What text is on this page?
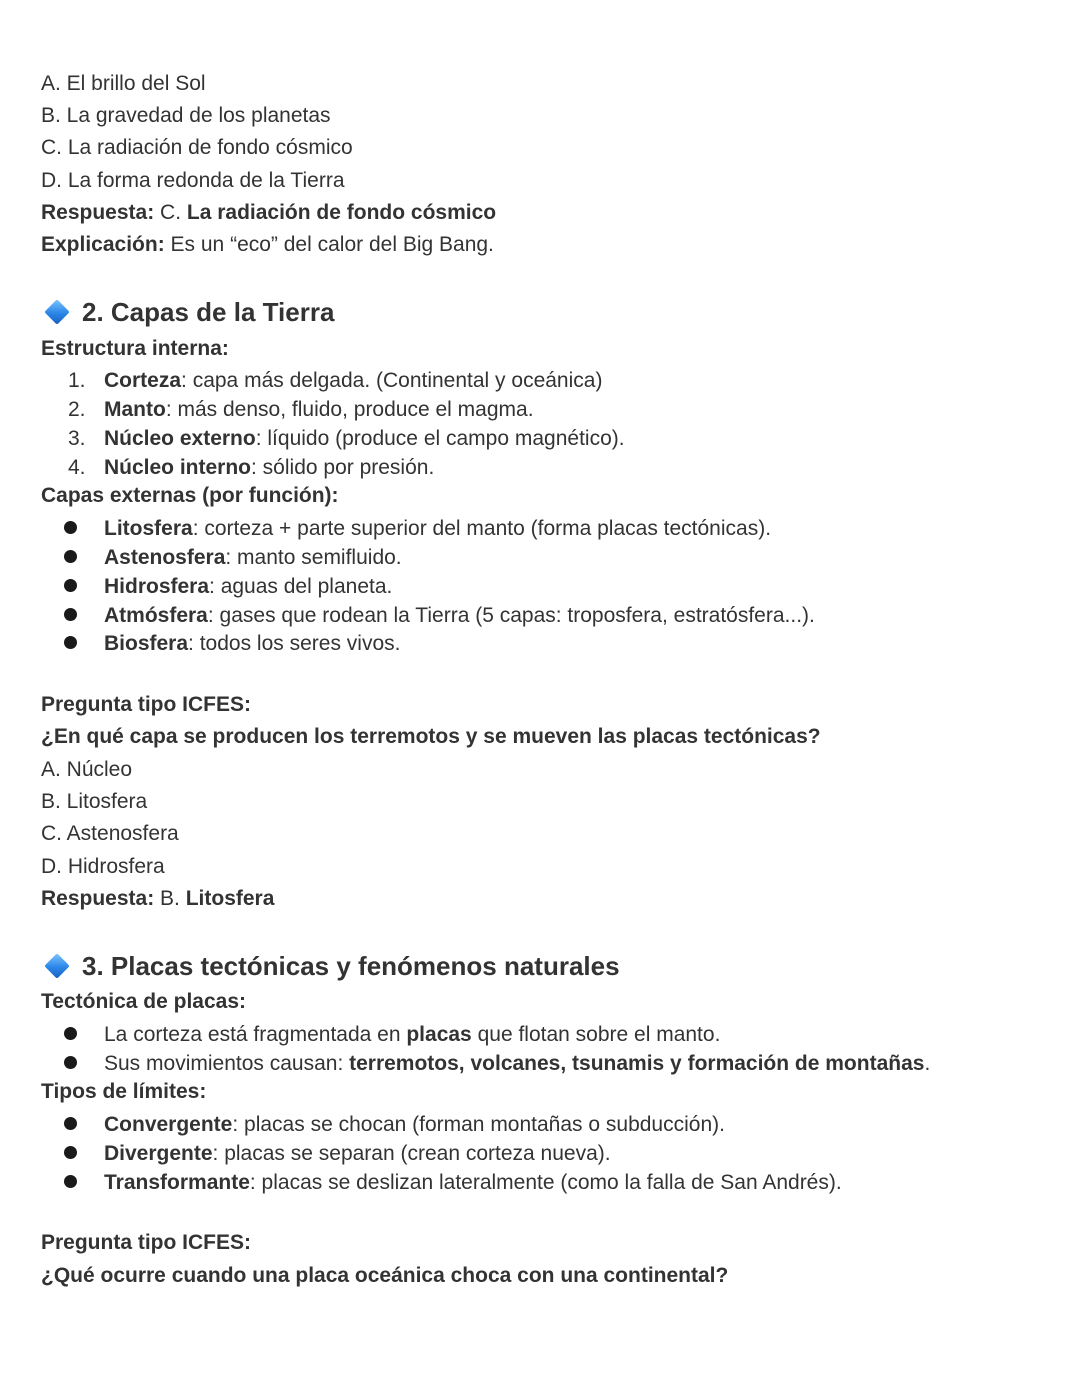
A. El brillo del Sol
B. La gravedad de los planetas
C. La radiación de fondo cósmico
D. La forma redonda de la Tierra
Respuesta: C. La radiación de fondo cósmico
Explicación: Es un “eco” del calor del Big Bang.
2. Capas de la Tierra
Estructura interna:
1. Corteza: capa más delgada. (Continental y oceánica)
2. Manto: más denso, fluido, produce el magma.
3. Núcleo externo: líquido (produce el campo magnético).
4. Núcleo interno: sólido por presión.
Capas externas (por función):
Litosfera: corteza + parte superior del manto (forma placas tectónicas).
Astenosfera: manto semifluido.
Hidrosfera: aguas del planeta.
Atmósfera: gases que rodean la Tierra (5 capas: troposfera, estratósfera...).
Biosfera: todos los seres vivos.
Pregunta tipo ICFES:
¿En qué capa se producen los terremotos y se mueven las placas tectónicas?
A. Núcleo
B. Litosfera
C. Astenosfera
D. Hidrosfera
Respuesta: B. Litosfera
3. Placas tectónicas y fenómenos naturales
Tectónica de placas:
La corteza está fragmentada en placas que flotan sobre el manto.
Sus movimientos causan: terremotos, volcanes, tsunamis y formación de montañas.
Tipos de límites:
Convergente: placas se chocan (forman montañas o subducción).
Divergente: placas se separan (crean corteza nueva).
Transformante: placas se deslizan lateralmente (como la falla de San Andrés).
Pregunta tipo ICFES:
¿Qué ocurre cuando una placa oceánica choca con una continental?
